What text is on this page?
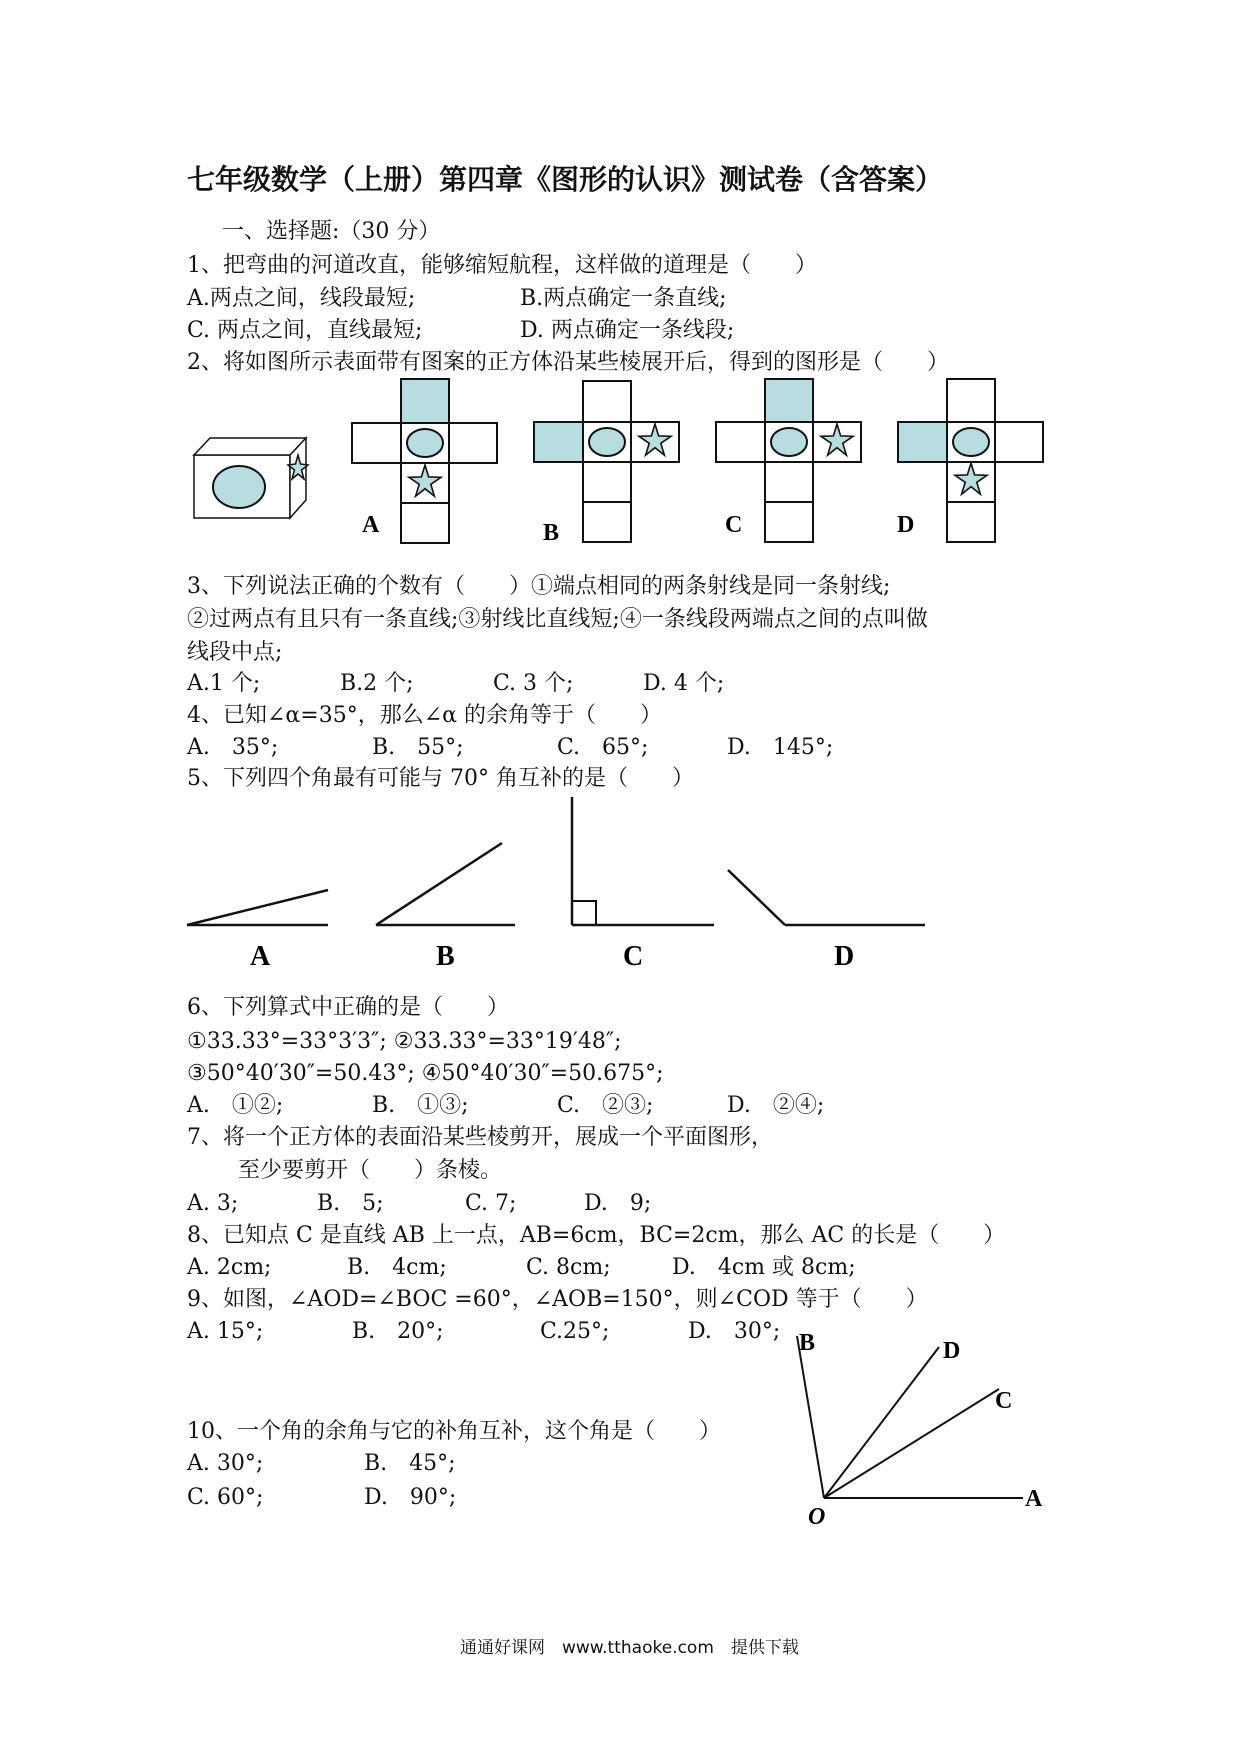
七年级数学（上册）第四章《图形的认识》测试卷（含答案）
一、选择题:（30 分）
1、把弯曲的河道改直，能够缩短航程，这样做的道理是（　　）
A.两点之间，线段最短;	B.两点确定一条直线;
C. 两点之间，直线最短;	D. 两点确定一条线段;
2、将如图所示表面带有图案的正方体沿某些棱展开后，得到的图形是（　　）
3、下列说法正确的个数有（　　）①端点相同的两条射线是同一条射线;
②过两点有且只有一条直线;③射线比直线短;④一条线段两端点之间的点叫做
线段中点;
A.1 个;	B.2 个;	C. 3 个;	D. 4 个;
4、已知∠α=35°，那么∠α 的余角等于（　　）
A.　35°;	B.　55°;	C.　65°;	D.　145°;
5、下列四个角最有可能与 70° 角互补的是（　　）
6、下列算式中正确的是（　　）
①33.33°=33°3′3″; ②33.33°=33°19′48″;
③50°40′30″=50.43°; ④50°40′30″=50.675°;
A.　①②;	B.　①③;	C.　②③;	D.　②④;
7、将一个正方体的表面沿某些棱剪开，展成一个平面图形，
至少要剪开（　　）条棱。
A. 3;	B.　5;	C. 7;	D.　9;
8、已知点 C 是直线 AB 上一点，AB=6cm，BC=2cm，那么 AC 的长是（　　）
A. 2cm;	B.　4cm;	C. 8cm;	D.　4cm 或 8cm;
9、如图，∠AOD=∠BOC =60°，∠AOB=150°，则∠COD 等于（　　）
A. 15°;	B.　20°;	C.25°;	D.　30°;
10、一个角的余角与它的补角互补，这个角是（　　）
A. 30°;	B.　45°;
C. 60°;	D.　90°;
通通好课网　www.tthaoke.com　提供下载
A	B	C	D
A	B	C	D
B	D
C
A
O
